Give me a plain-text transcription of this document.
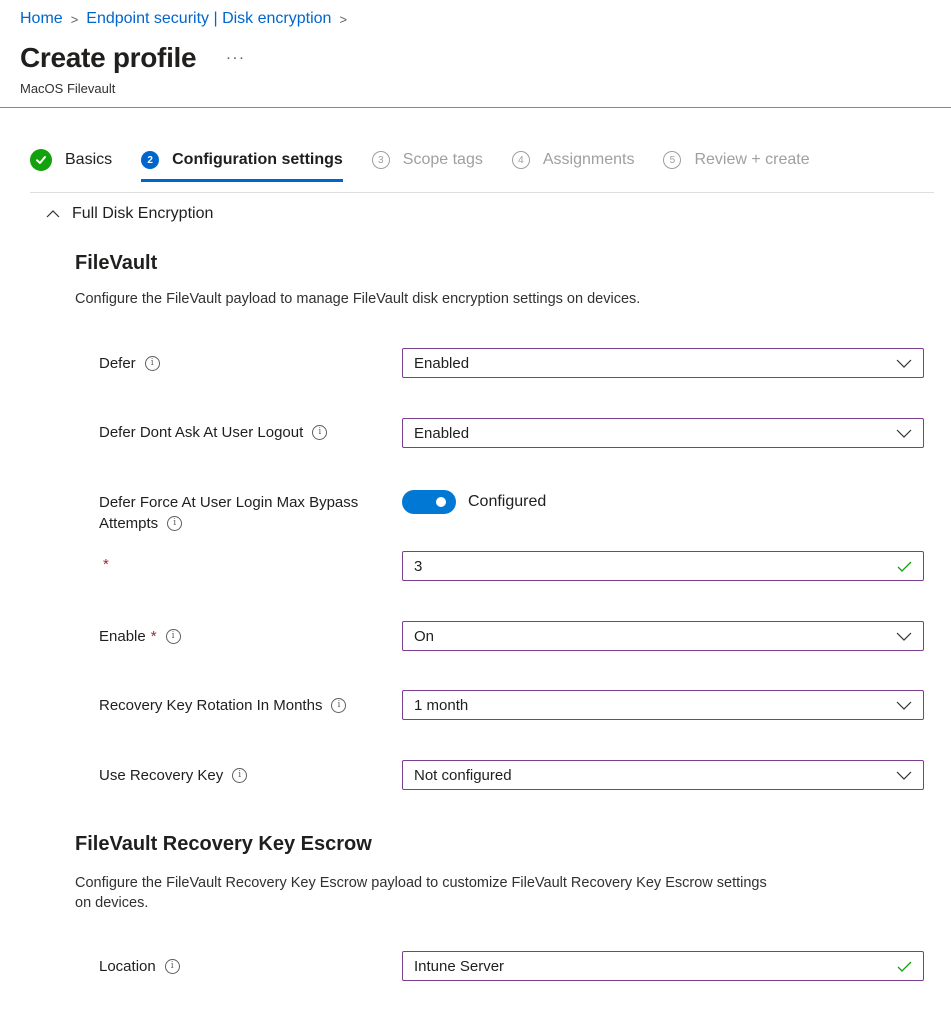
Home > Endpoint security | Disk encryption >
Create profile ...
MacOS Filevault
Basics	2	Configuration settings	3	Scope tags	4	Assignments	5	Review + create
Full Disk Encryption
FileVault
Configure the FileVault payload to manage FileVault disk encryption settings on devices.
Defer	i	Enabled
Defer Dont Ask At User Logout	i	Enabled
Defer Force At User Login Max Bypass
Attempts	i
Configured
*	3
Enable *	i	On
Recovery Key Rotation In Months	i	1 month
Use Recovery Key	i	Not configured
FileVault Recovery Key Escrow
Configure the FileVault Recovery Key Escrow payload to customize FileVault Recovery Key Escrow settings on devices.
Location	i	Intune Server
